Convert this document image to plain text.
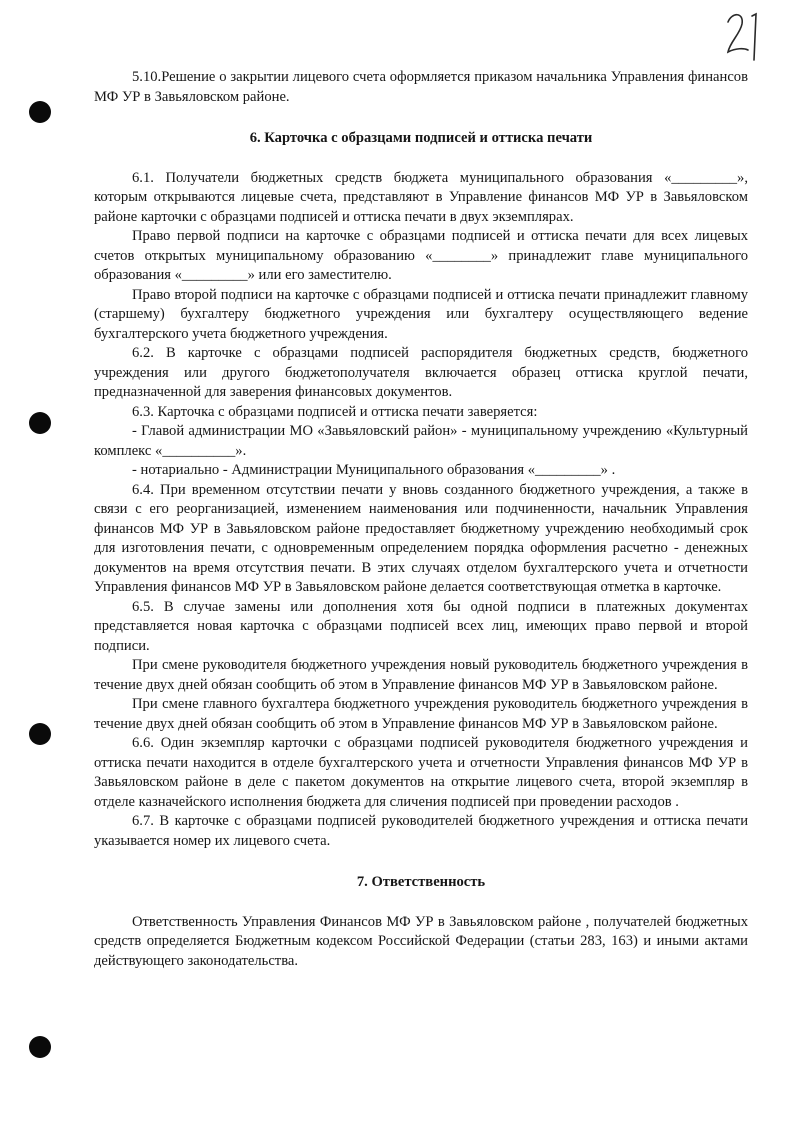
5.10.Решение о закрытии лицевого счета оформляется приказом начальника Управления финансов МФ УР в Завьяловском районе.

6. Карточка с образцами подписей и оттиска печати

6.1. Получатели бюджетных средств бюджета муниципального образования «_________», которым открываются лицевые счета, представляют в Управление финансов МФ УР в Завьяловском районе карточки с образцами подписей и оттиска печати в двух экземплярах.

Право первой подписи на карточке с образцами подписей и оттиска печати для всех лицевых счетов открытых муниципальному образованию «________» принадлежит главе муниципального образования «_________» или его заместителю.

Право второй подписи на карточке с образцами подписей и оттиска печати принадлежит главному (старшему) бухгалтеру бюджетного учреждения или бухгалтеру осуществляющего ведение бухгалтерского учета бюджетного учреждения.

6.2. В карточке с образцами подписей распорядителя бюджетных средств, бюджетного учреждения или другого бюджетополучателя включается образец оттиска круглой печати, предназначенной для заверения финансовых документов.

6.3. Карточка с образцами подписей и оттиска печати заверяется:

- Главой администрации МО «Завьяловский район» - муниципальному учреждению «Культурный комплекс «__________».

- нотариально - Администрации Муниципального образования «_________» .

6.4. При временном отсутствии печати у вновь созданного бюджетного учреждения, а также в связи с его реорганизацией, изменением наименования или подчиненности, начальник Управления финансов МФ УР в Завьяловском районе предоставляет бюджетному учреждению необходимый срок для изготовления печати, с одновременным определением порядка оформления расчетно - денежных документов на время отсутствия печати. В этих случаях отделом бухгалтерского учета и отчетности Управления финансов МФ УР в Завьяловском районе делается соответствующая отметка в карточке.

6.5. В случае замены или дополнения хотя бы одной подписи в платежных документах представляется новая карточка с образцами подписей всех лиц, имеющих право первой и второй подписи.

При смене руководителя бюджетного учреждения новый руководитель бюджетного учреждения в течение двух дней обязан сообщить об этом в Управление финансов МФ УР в Завьяловском районе.

При смене главного бухгалтера бюджетного учреждения руководитель бюджетного учреждения в течение двух дней обязан сообщить об этом в Управление финансов МФ УР в Завьяловском районе.

6.6. Один экземпляр карточки с образцами подписей руководителя бюджетного учреждения и оттиска печати находится в отделе бухгалтерского учета и отчетности Управления финансов МФ УР в Завьяловском районе в деле с пакетом документов на открытие лицевого счета, второй экземпляр в отделе казначейского исполнения бюджета для сличения подписей при проведении расходов .

6.7. В карточке с образцами подписей руководителей бюджетного учреждения и оттиска печати указывается номер их лицевого счета.

7. Ответственность

Ответственность Управления Финансов МФ УР в Завьяловском районе , получателей бюджетных средств определяется Бюджетным кодексом Российской Федерации (статьи 283, 163) и иными актами действующего законодательства.
